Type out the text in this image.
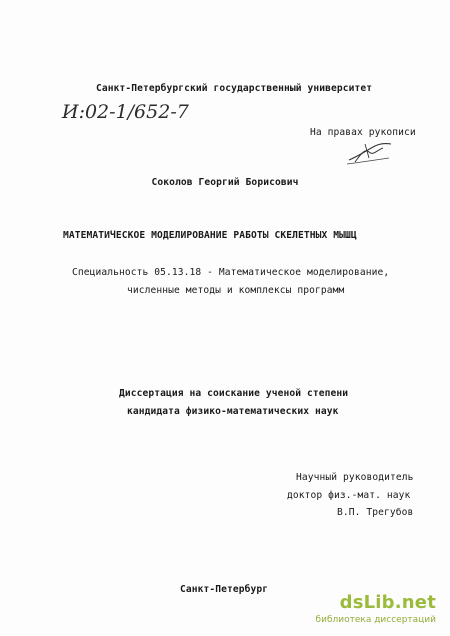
Санкт-Петербургский государственный университет
И:02-1/652-7
На правах рукописи
Соколов Георгий Борисович
МАТЕМАТИЧЕСКОЕ МОДЕЛИРОВАНИЕ РАБОТЫ СКЕЛЕТНЫХ МЫШЦ
Специальность 05.13.18 - Математическое моделирование,
численные методы и комплексы программ
Диссертация на соискание ученой степени
кандидата физико-математических наук
Научный руководитель
доктор физ.-мат. наук
В.П. Трегубов
Санкт-Петербург
dsLib.net
библиотека диссертаций
